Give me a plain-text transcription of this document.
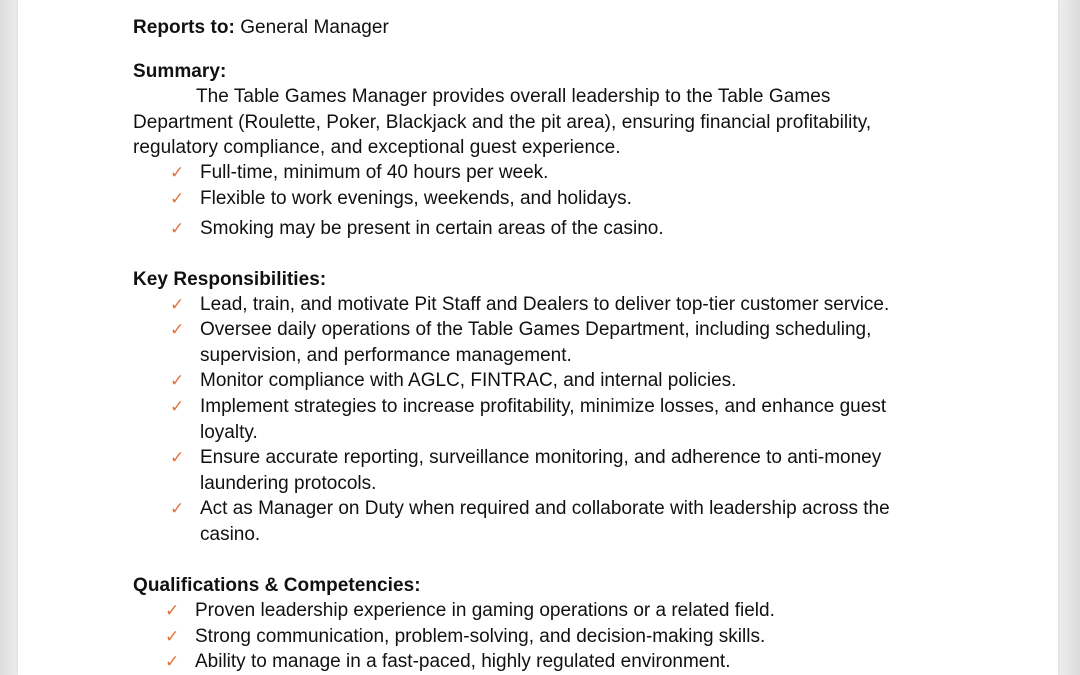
Reports to: General Manager
Summary:
The Table Games Manager provides overall leadership to the Table Games
Department (Roulette, Poker, Blackjack and the pit area), ensuring financial profitability,
regulatory compliance, and exceptional guest experience.
✓ Full-time, minimum of 40 hours per week.
✓ Flexible to work evenings, weekends, and holidays.
✓ Smoking may be present in certain areas of the casino.
Key Responsibilities:
✓ Lead, train, and motivate Pit Staff and Dealers to deliver top-tier customer service.
✓ Oversee daily operations of the Table Games Department, including scheduling,
supervision, and performance management.
✓ Monitor compliance with AGLC, FINTRAC, and internal policies.
✓ Implement strategies to increase profitability, minimize losses, and enhance guest
loyalty.
✓ Ensure accurate reporting, surveillance monitoring, and adherence to anti-money
laundering protocols.
✓ Act as Manager on Duty when required and collaborate with leadership across the
casino.
Qualifications & Competencies:
✓ Proven leadership experience in gaming operations or a related field.
✓ Strong communication, problem-solving, and decision-making skills.
✓ Ability to manage in a fast-paced, highly regulated environment.
